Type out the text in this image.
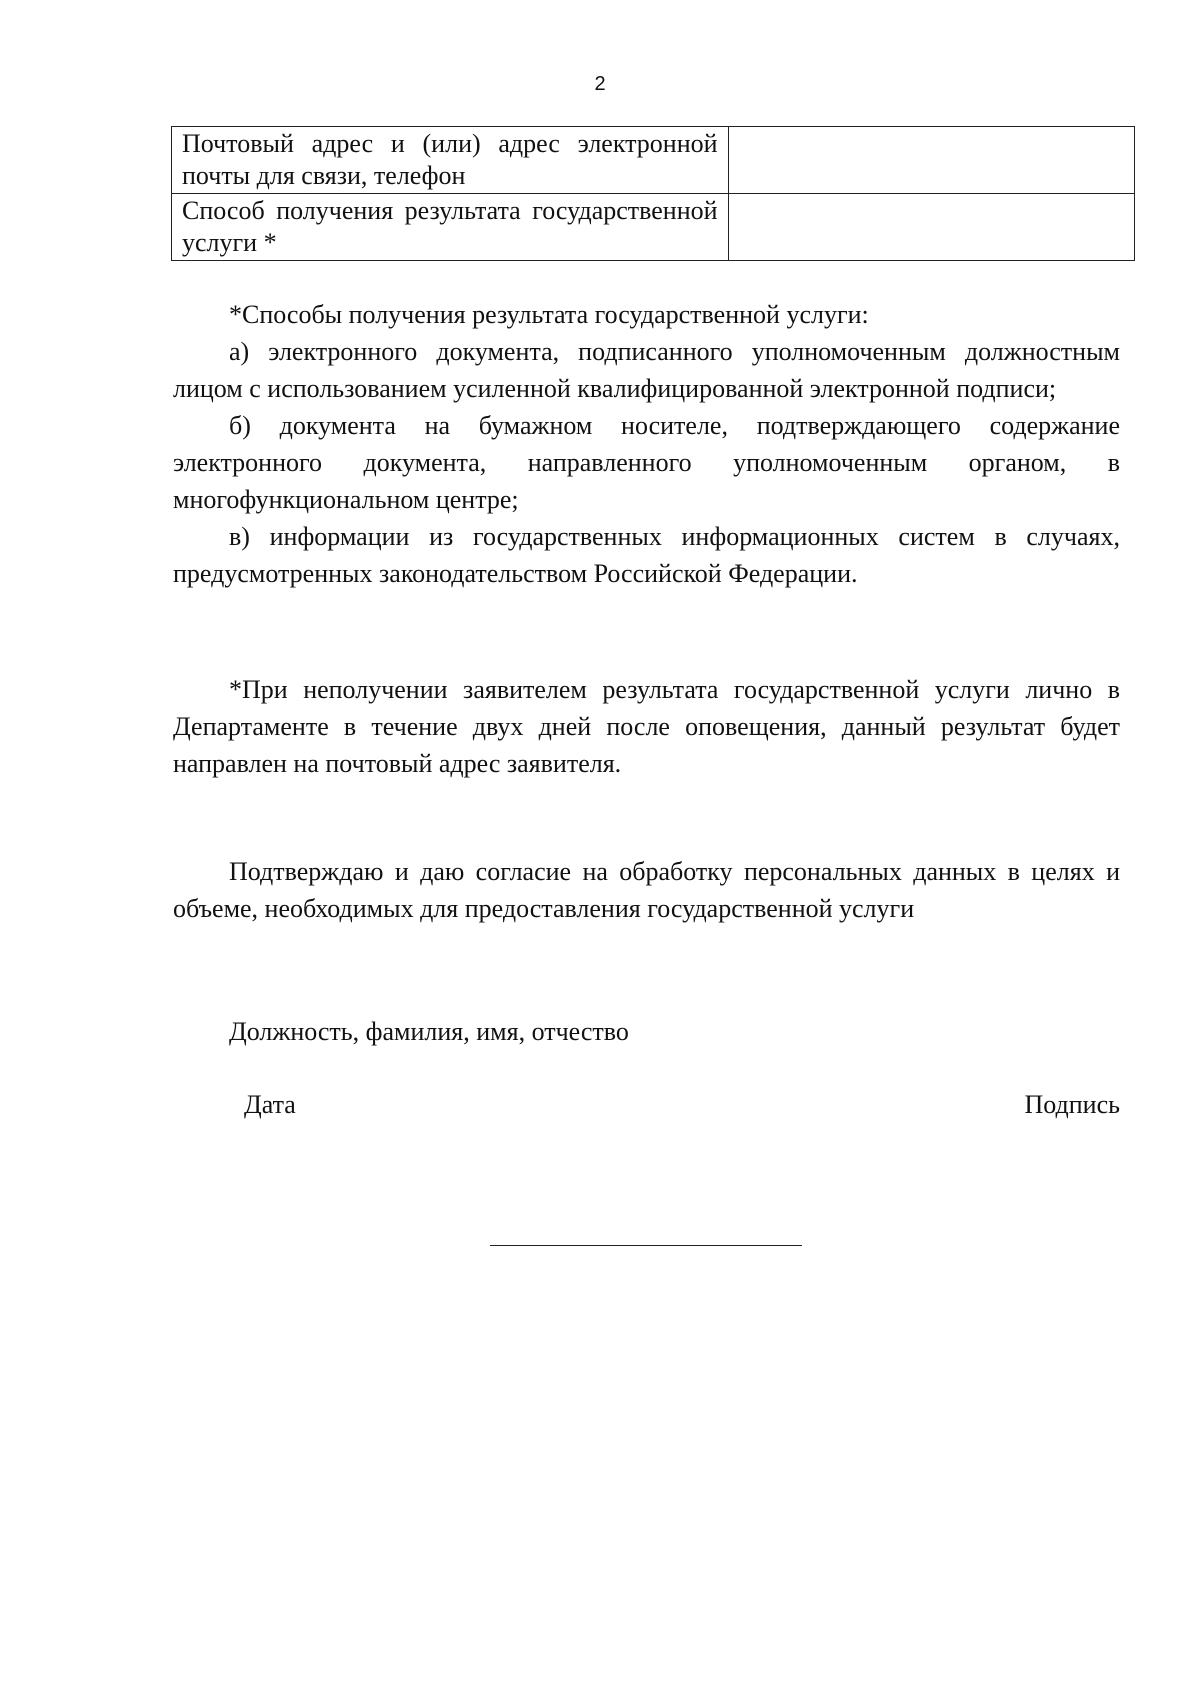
2
Почтовый адрес и (или) адрес электронной почты для связи, телефон	
Способ получения результата государственной услуги *	

*Способы получения результата государственной услуги:

а) электронного документа, подписанного уполномоченным должностным лицом с использованием усиленной квалифицированной электронной подписи;

б) документа на бумажном носителе, подтверждающего содержание электронного документа, направленного уполномоченным органом, в многофункциональном центре;

в) информации из государственных информационных систем в случаях, предусмотренных законодательством Российской Федерации.

*При неполучении заявителем результата государственной услуги лично в Департаменте в течение двух дней после оповещения, данный результат будет направлен на почтовый адрес заявителя.

Подтверждаю и даю согласие на обработку персональных данных в целях и объеме, необходимых для предоставления государственной услуги

Должность, фамилия, имя, отчество
Дата	Подпись
